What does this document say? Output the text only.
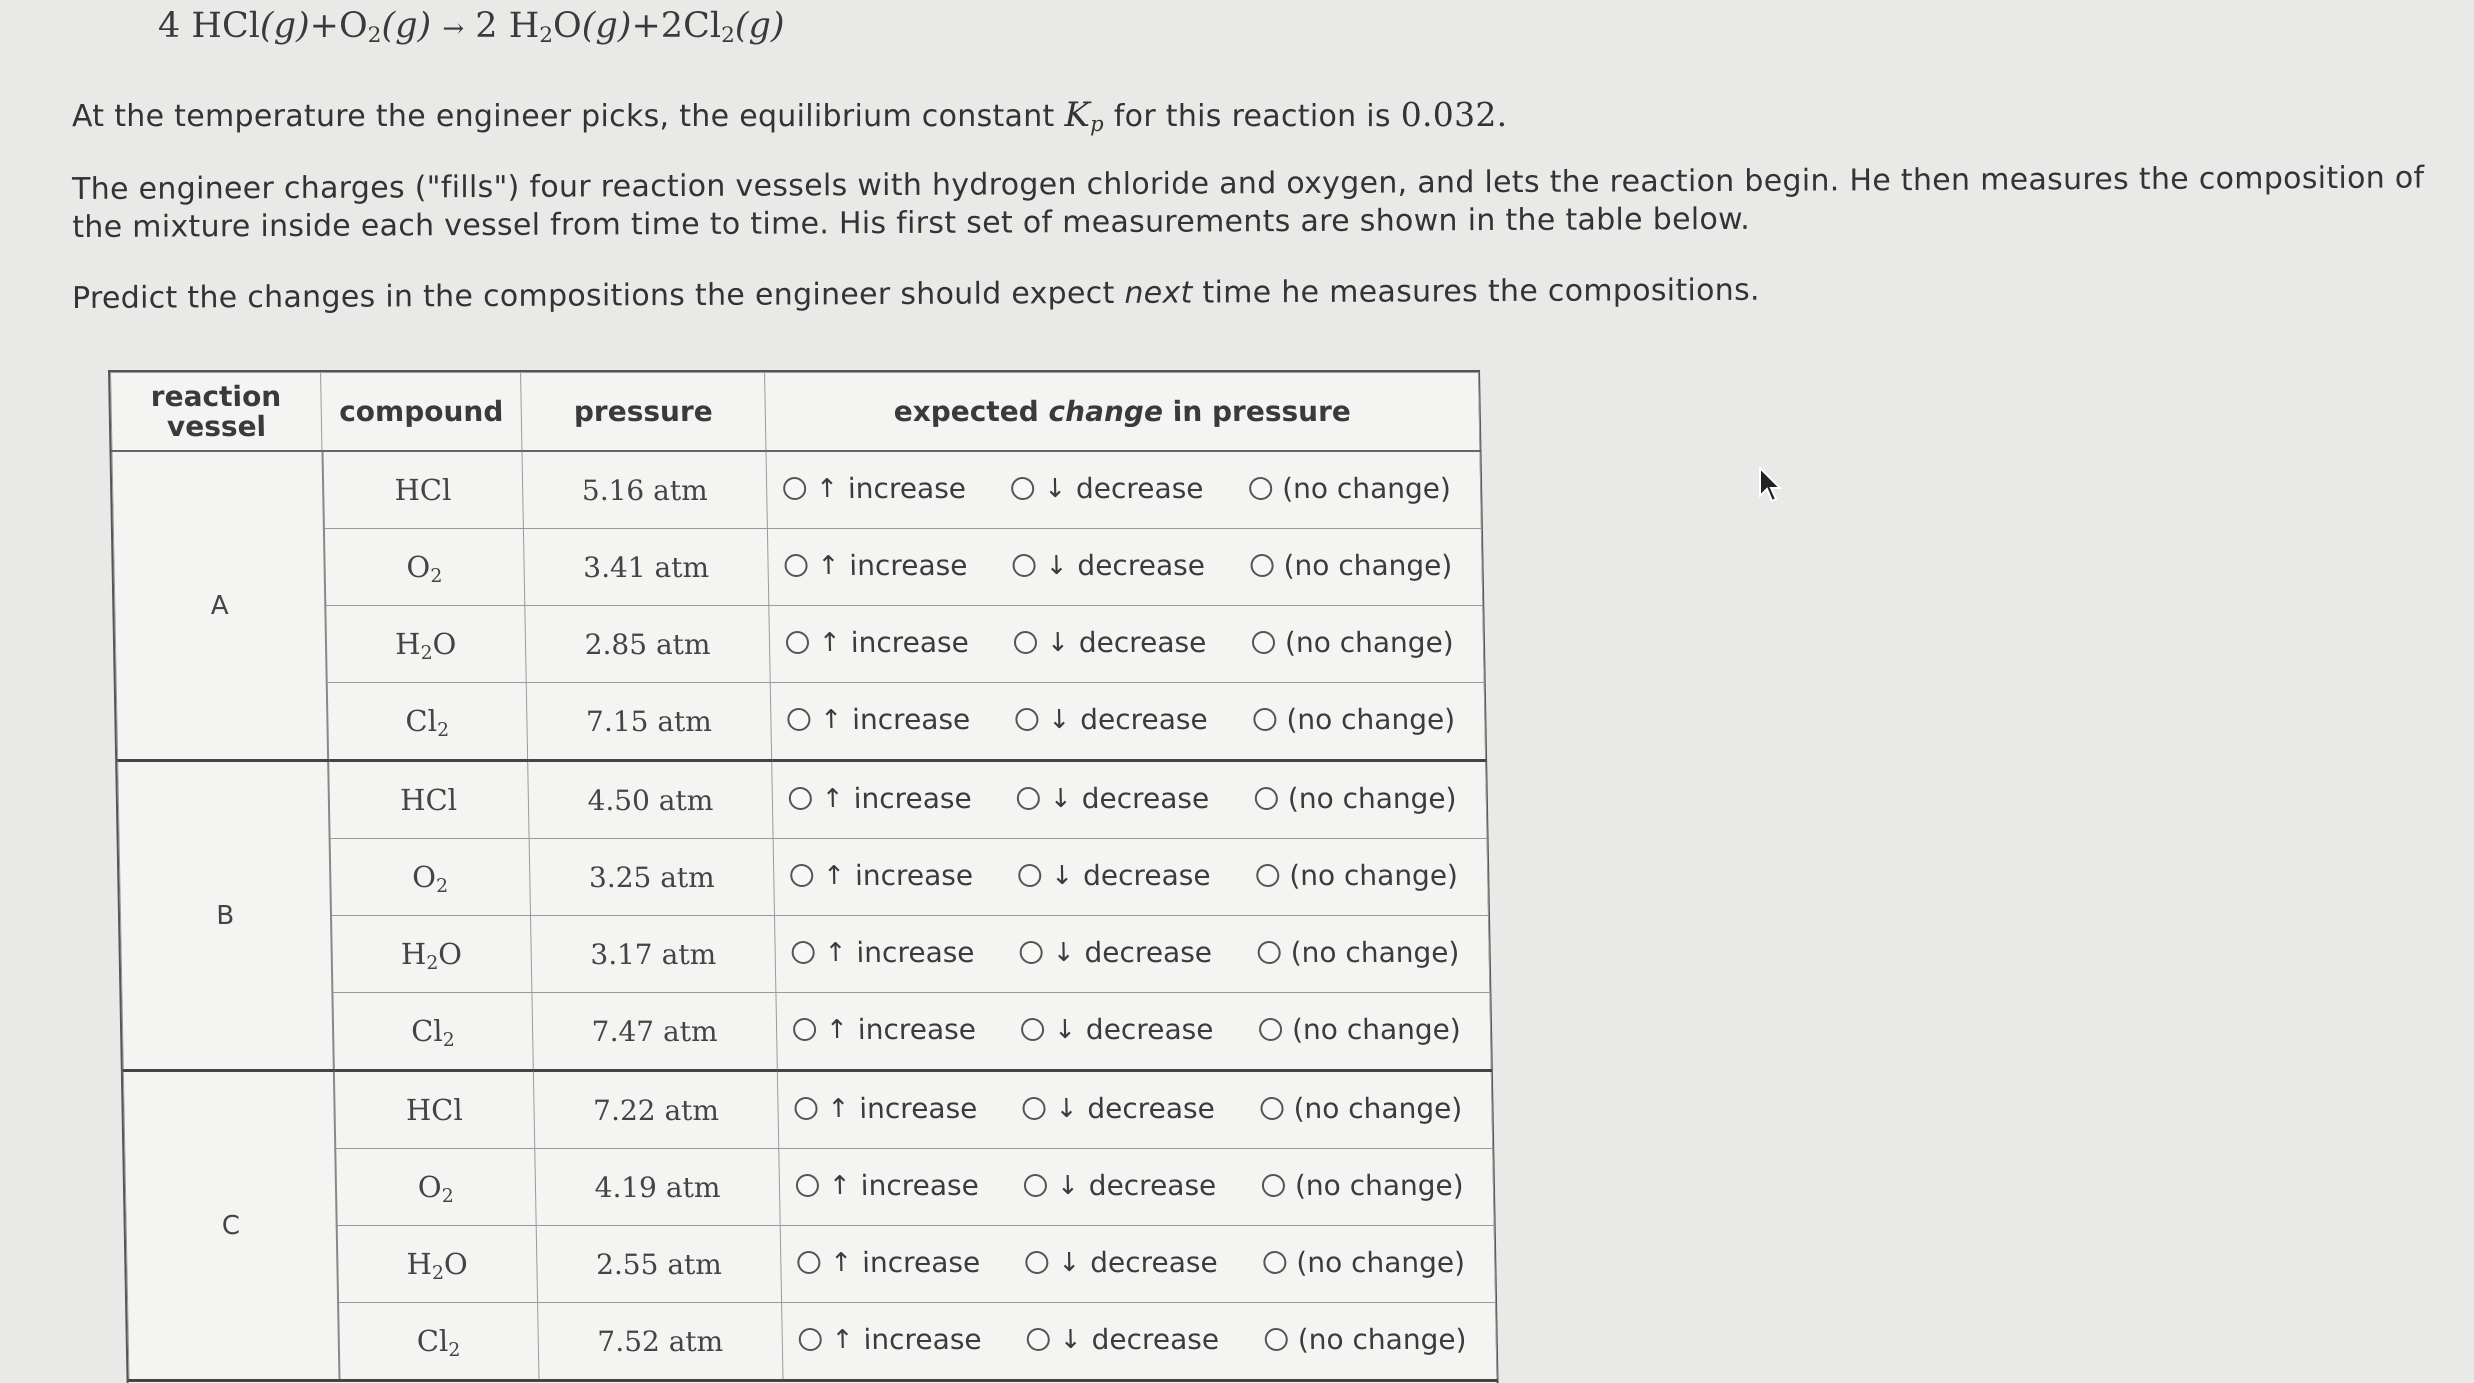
4 $HCl(g)+O_2(g) \to 2$ $H_2O(g)+2Cl_2(g)$
At the temperature the engineer picks, the equilibrium constant $K_p$ for this reaction is 0.032.
The engineer charges ("fills") four reaction vessels with hydrogen chloride and oxygen, and lets the reaction begin. He then measures the composition of the mixture inside each vessel from time to time. His first set of measurements are shown in the table below.
Predict the changes in the compositions the engineer should expect next time he measures the compositions.
reaction
vessel	compound	pressure	expected change in pressure
A	HCl	5.16 atm	↑ increase ↓ decrease (no change)

	$O_2$	3.41 atm	↑ increase ↓ decrease (no change)

	$H_2O$	2.85 atm	↑ increase ↓ decrease (no change)

	$Cl_2$	7.15 atm	↑ increase ↓ decrease (no change)

B	HCl	4.50 atm	↑ increase ↓ decrease (no change)

	$O_2$	3.25 atm	↑ increase ↓ decrease (no change)

	$H_2O$	3.17 atm	↑ increase ↓ decrease (no change)

	$Cl_2$	7.47 atm	↑ increase ↓ decrease (no change)

C	HCl	7.22 atm	↑ increase ↓ decrease (no change)

	$O_2$	4.19 atm	↑ increase ↓ decrease (no change)

	$H_2O$	2.55 atm	↑ increase ↓ decrease (no change)

	$Cl_2$	7.52 atm	↑ increase ↓ decrease (no change)
